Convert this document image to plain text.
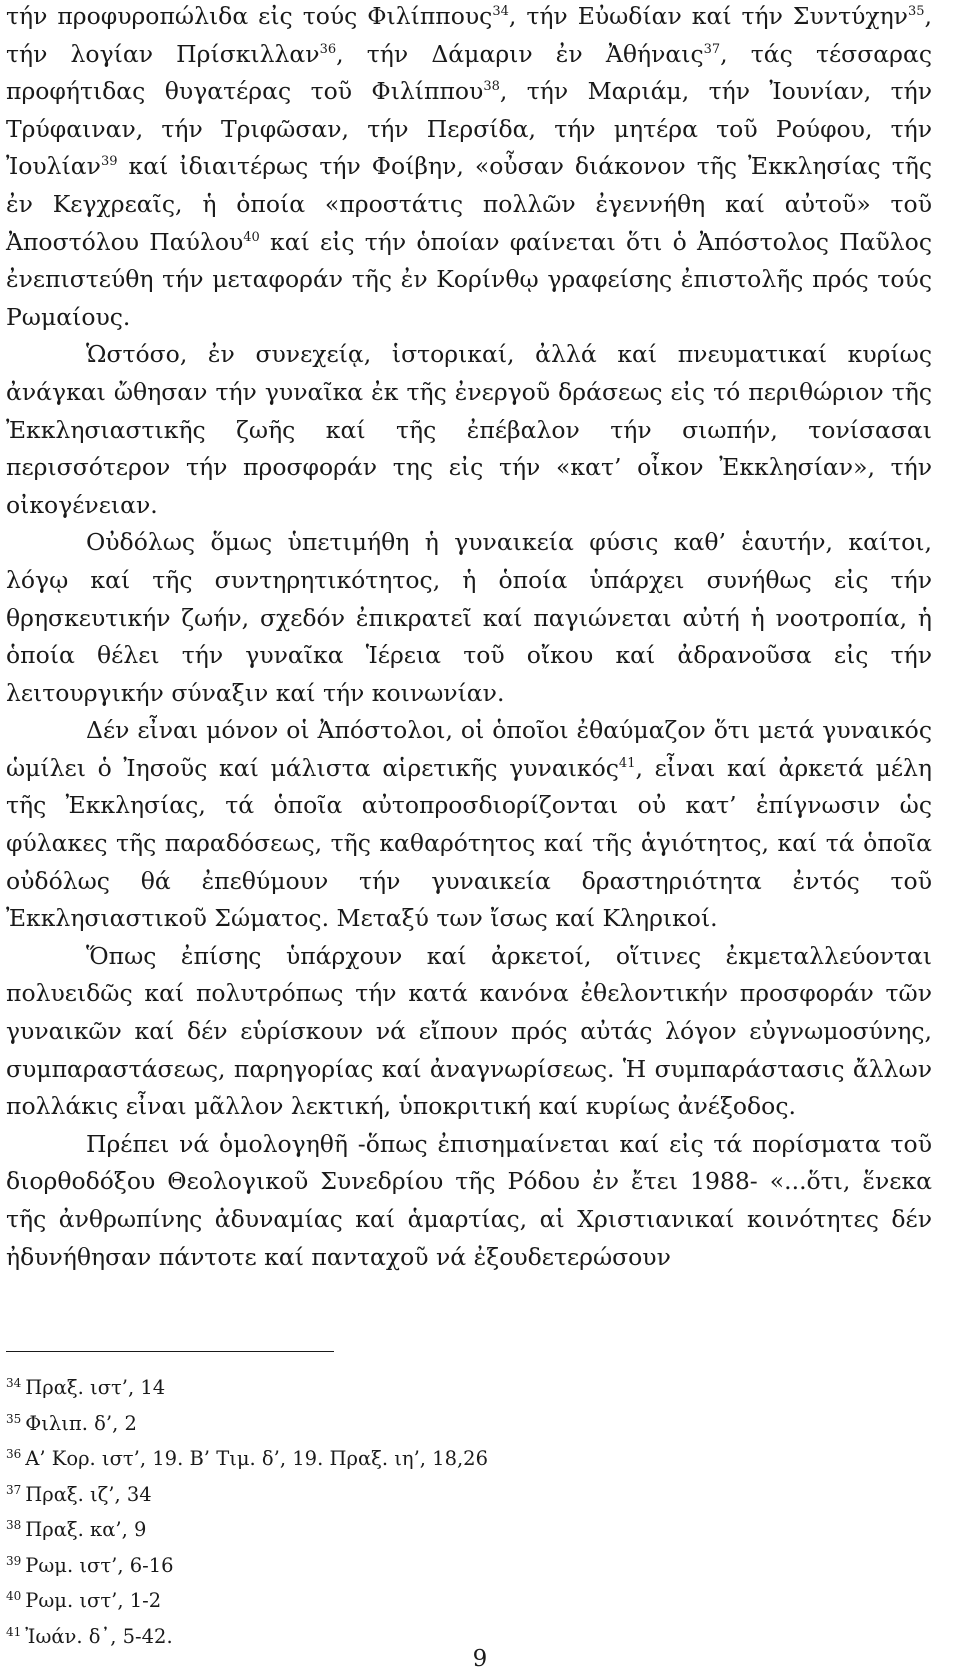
τήν προφυροπώλιδα εἰς τούς Φιλίππους$^{34}$, τήν Εὐωδίαν καί τήν Συντύχην$^{35}$, τήν λογίαν Πρίσκιλλαν$^{36}$, τήν Δάμαριν ἐν Ἀθήναις$^{37}$, τάς τέσσαρας προφήτιδας θυγατέρας τοῦ Φιλίππου$^{38}$, τήν Μαριάμ, τήν Ἰουνίαν, τήν Τρύφαιναν, τήν Τριφῶσαν, τήν Περσίδα, τήν μητέρα τοῦ Ρούφου, τήν Ἰουλίαν$^{39}$ καί ἰδιαιτέρως τήν Φοίβην, «οὖσαν διάκονον τῆς Ἐκκλησίας τῆς ἐν Κεγχρεαῖς, ἡ ὁποία «προστάτις πολλῶν ἐγεννήθη καί αὐτοῦ» τοῦ Ἀποστόλου Παύλου$^{40}$ καί εἰς τήν ὁποίαν φαίνεται ὅτι ὁ Ἀπόστολος Παῦλος ἐνεπιστεύθη τήν μεταφοράν τῆς ἐν Κορίνθῳ γραφείσης ἐπιστολῆς πρός τούς Ρωμαίους.

Ὡστόσο, ἐν συνεχείᾳ, ἱστορικαί, ἀλλά καί πνευματικαί κυρίως ἀνάγκαι ὤθησαν τήν γυναῖκα ἐκ τῆς ἐνεργοῦ δράσεως εἰς τό περιθώριον τῆς Ἐκκλησιαστικῆς ζωῆς καί τῆς ἐπέβαλον τήν σιωπήν, τονίσασαι περισσότερον τήν προσφοράν της εἰς τήν «κατ’ οἶκον Ἐκκλησίαν», τήν οἰκογένειαν.

Οὐδόλως ὅμως ὑπετιμήθη ἡ γυναικεία φύσις καθ’ ἑαυτήν, καίτοι, λόγῳ καί τῆς συντηρητικότητος, ἡ ὁποία ὑπάρχει συνήθως εἰς τήν θρησκευτικήν ζωήν, σχεδόν ἐπικρατεῖ καί παγιώνεται αὐτή ἡ νοοτροπία, ἡ ὁποία θέλει τήν γυναῖκα Ἱέρεια τοῦ οἴκου καί ἀδρανοῦσα εἰς τήν λειτουργικήν σύναξιν καί τήν κοινωνίαν.

Δέν εἶναι μόνον οἱ Ἀπόστολοι, οἱ ὁποῖοι ἐθαύμαζον ὅτι μετά γυναικός ὡμίλει ὁ Ἰησοῦς καί μάλιστα αἱρετικῆς γυναικός$^{41}$, εἶναι καί ἀρκετά μέλη τῆς Ἐκκλησίας, τά ὁποῖα αὐτοπροσδιορίζονται οὐ κατ’ ἐπίγνωσιν ὡς φύλακες τῆς παραδόσεως, τῆς καθαρότητος καί τῆς ἁγιότητος, καί τά ὁποῖα οὐδόλως θά ἐπεθύμουν τήν γυναικεία δραστηριότητα ἐντός τοῦ Ἐκκλησιαστικοῦ Σώματος. Μεταξύ των ἴσως καί Κληρικοί.

Ὅπως ἐπίσης ὑπάρχουν καί ἀρκετοί, οἵτινες ἐκμεταλλεύονται πολυειδῶς καί πολυτρόπως τήν κατά κανόνα ἐθελοντικήν προσφοράν τῶν γυναικῶν καί δέν εὑρίσκουν νά εἴπουν πρός αὐτάς λόγον εὐγνωμοσύνης, συμπαραστάσεως, παρηγορίας καί ἀναγνωρίσεως. Ἡ συμπαράστασις ἄλλων πολλάκις εἶναι μᾶλλον λεκτική, ὑποκριτική καί κυρίως ἀνέξοδος.

Πρέπει νά ὁμολογηθῆ -ὅπως ἐπισημαίνεται καί εἰς τά πορίσματα τοῦ διορθοδόξου Θεολογικοῦ Συνεδρίου τῆς Ρόδου ἐν ἔτει 1988- «...ὅτι, ἕνεκα τῆς ἀνθρωπίνης ἀδυναμίας καί ἁμαρτίας, αἱ Χριστιανικαί κοινότητες δέν ἠδυνήθησαν πάντοτε καί πανταχοῦ νά ἐξουδετερώσουν

$^{34}$ Πραξ. ιστ’, 14
$^{35}$ Φιλιπ. δ’, 2
$^{36}$ Α’ Κορ. ιστ’, 19. Β’ Τιμ. δ’, 19. Πραξ. ιη’, 18,26
$^{37}$ Πραξ. ιζ’, 34
$^{38}$ Πραξ. κα’, 9
$^{39}$ Ρωμ. ιστ’, 6-16
$^{40}$ Ρωμ. ιστ’, 1-2
$^{41}$ Ἰωάν. δ᾽, 5-42.
9
